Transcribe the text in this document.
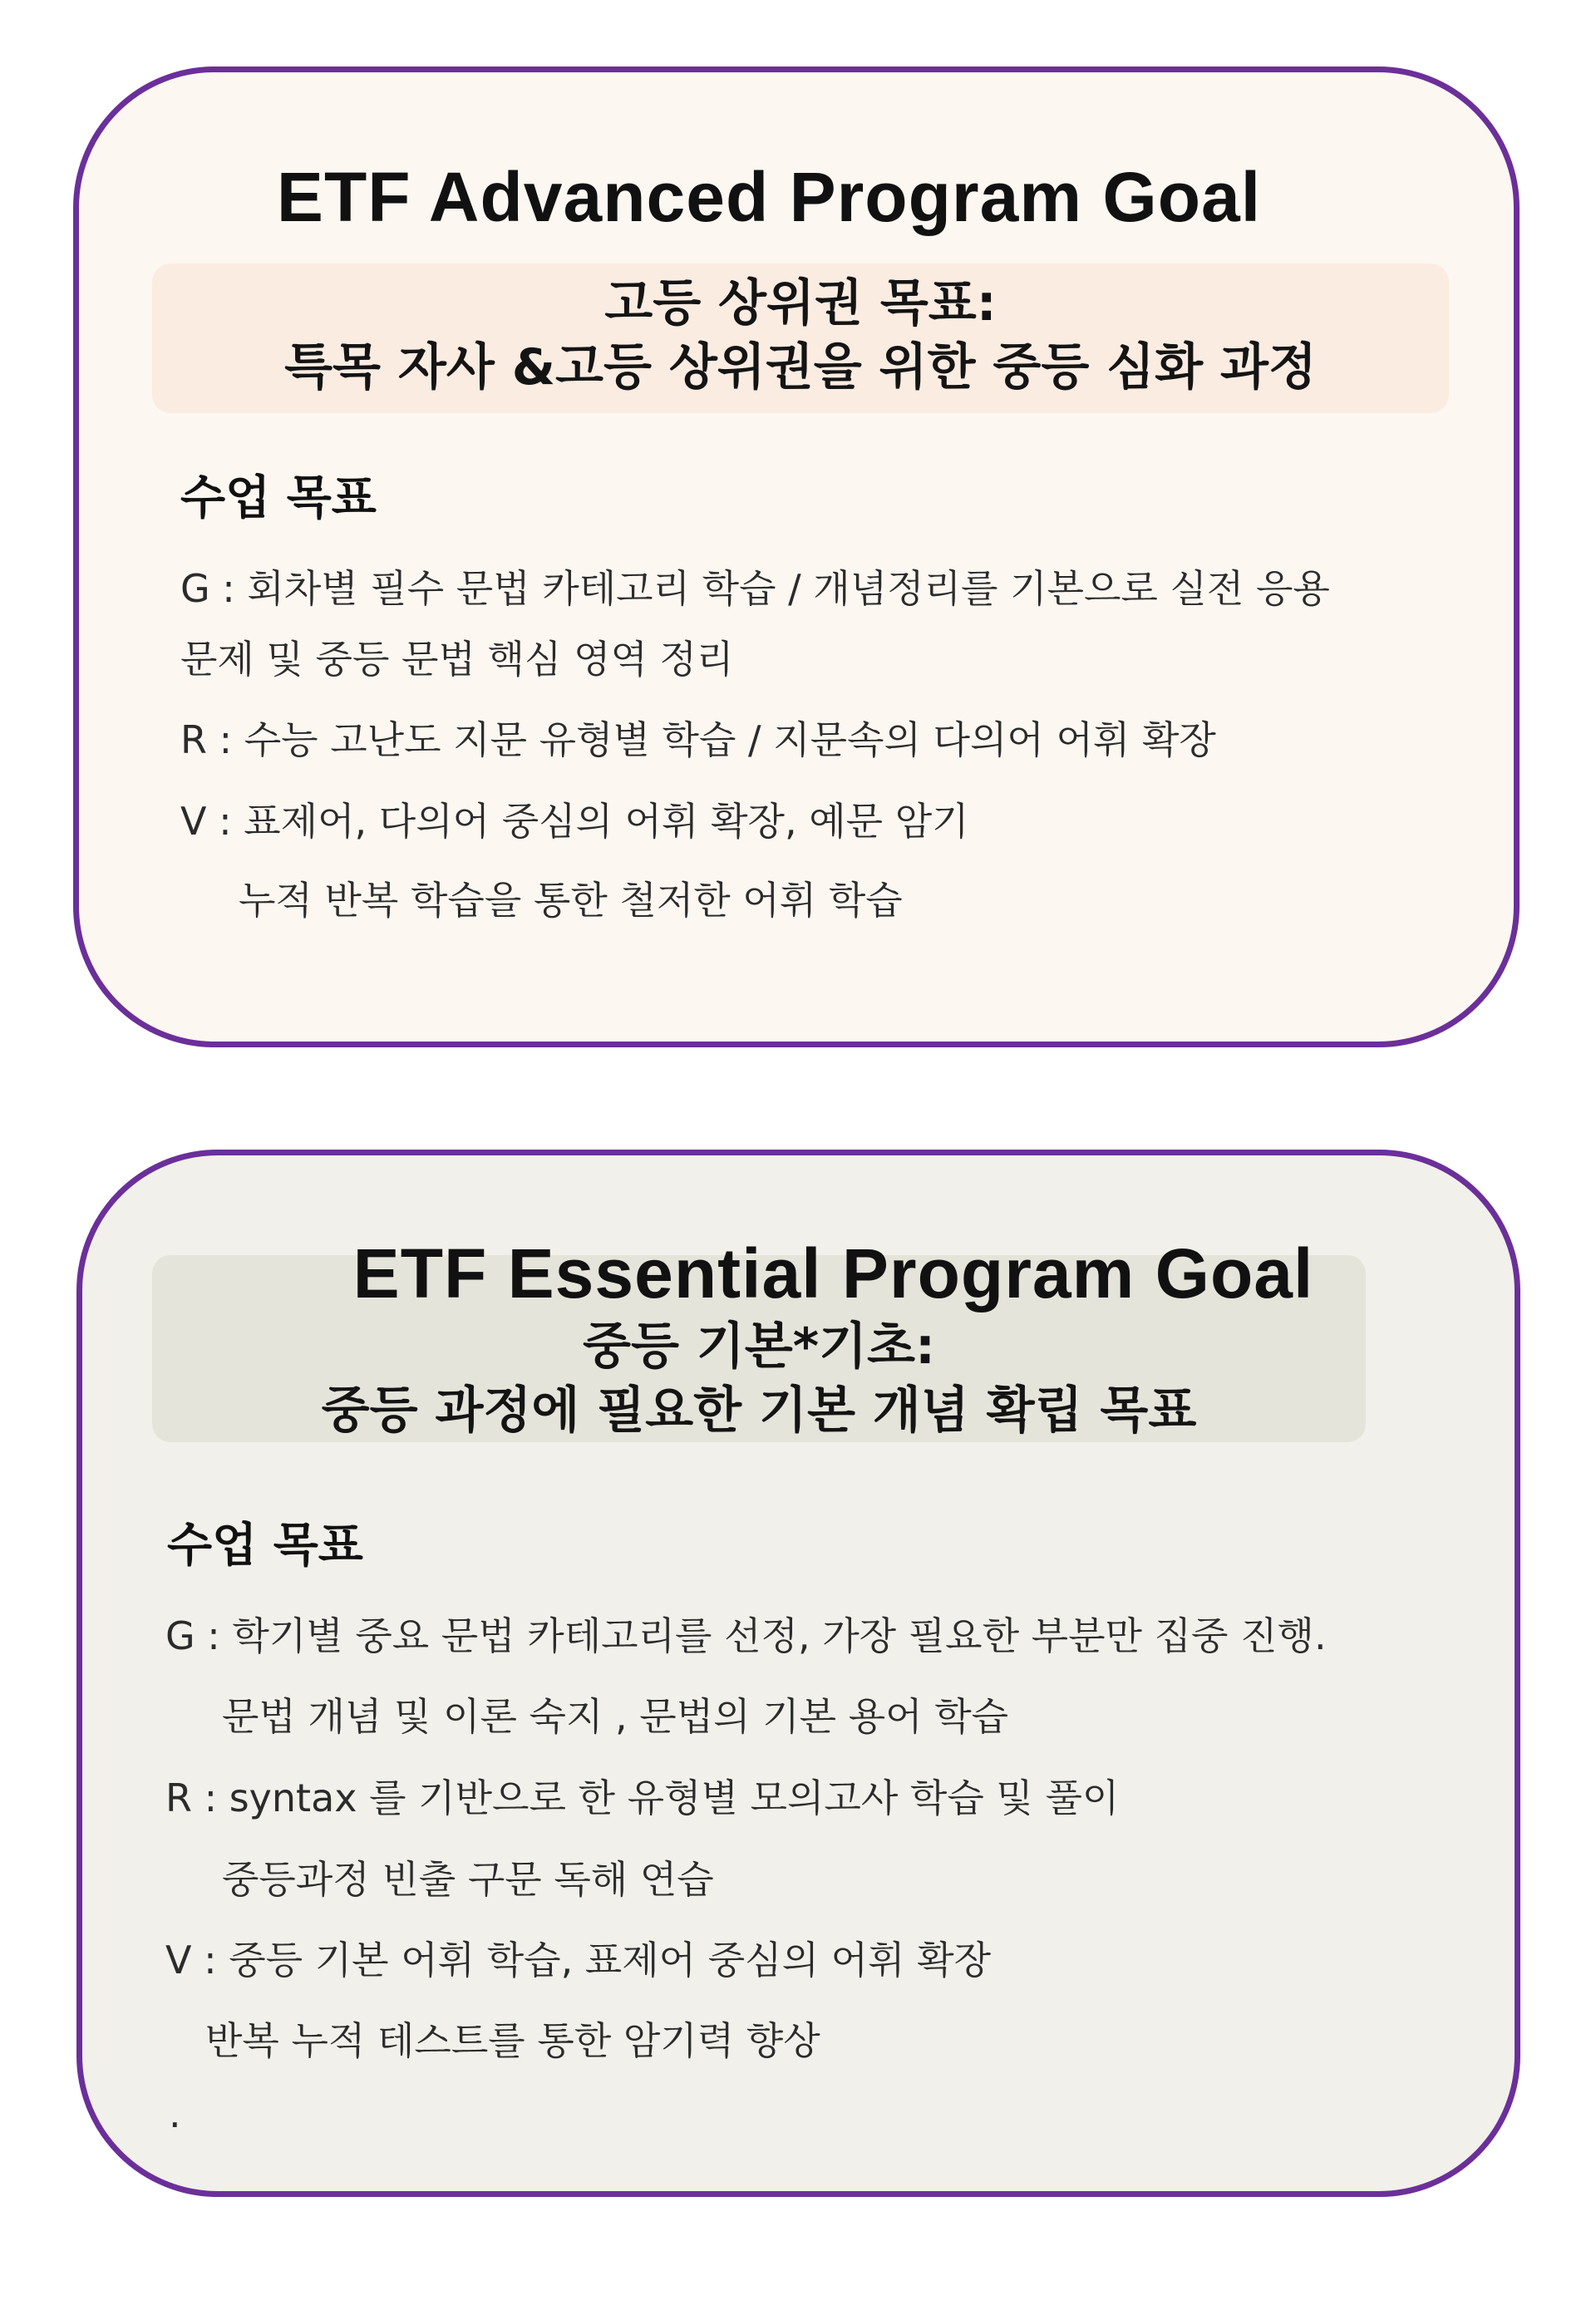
ETF Advanced Program Goal
고등 상위권 목표:
특목 자사 &고등 상위권을 위한 중등 심화 과정
수업 목표
G : 회차별 필수 문법 카테고리 학습 / 개념정리를 기본으로 실전 응용
문제 및 중등 문법 핵심 영역 정리
R : 수능 고난도 지문 유형별 학습 / 지문속의 다의어 어휘 확장
V : 표제어, 다의어 중심의 어휘 확장, 예문 암기
누적 반복 학습을 통한 철저한 어휘 학습
중등 기본*기초:
중등 과정에 필요한 기본 개념 확립 목표
ETF Essential Program Goal
수업 목표
G : 학기별 중요 문법 카테고리를 선정, 가장 필요한 부분만 집중 진행.
문법 개념 및 이론 숙지 , 문법의 기본 용어 학습
R : syntax 를 기반으로 한 유형별 모의고사 학습 및 풀이
중등과정 빈출 구문 독해 연습
V : 중등 기본 어휘 학습, 표제어 중심의 어휘 확장
반복 누적 테스트를 통한 암기력 향상
.
